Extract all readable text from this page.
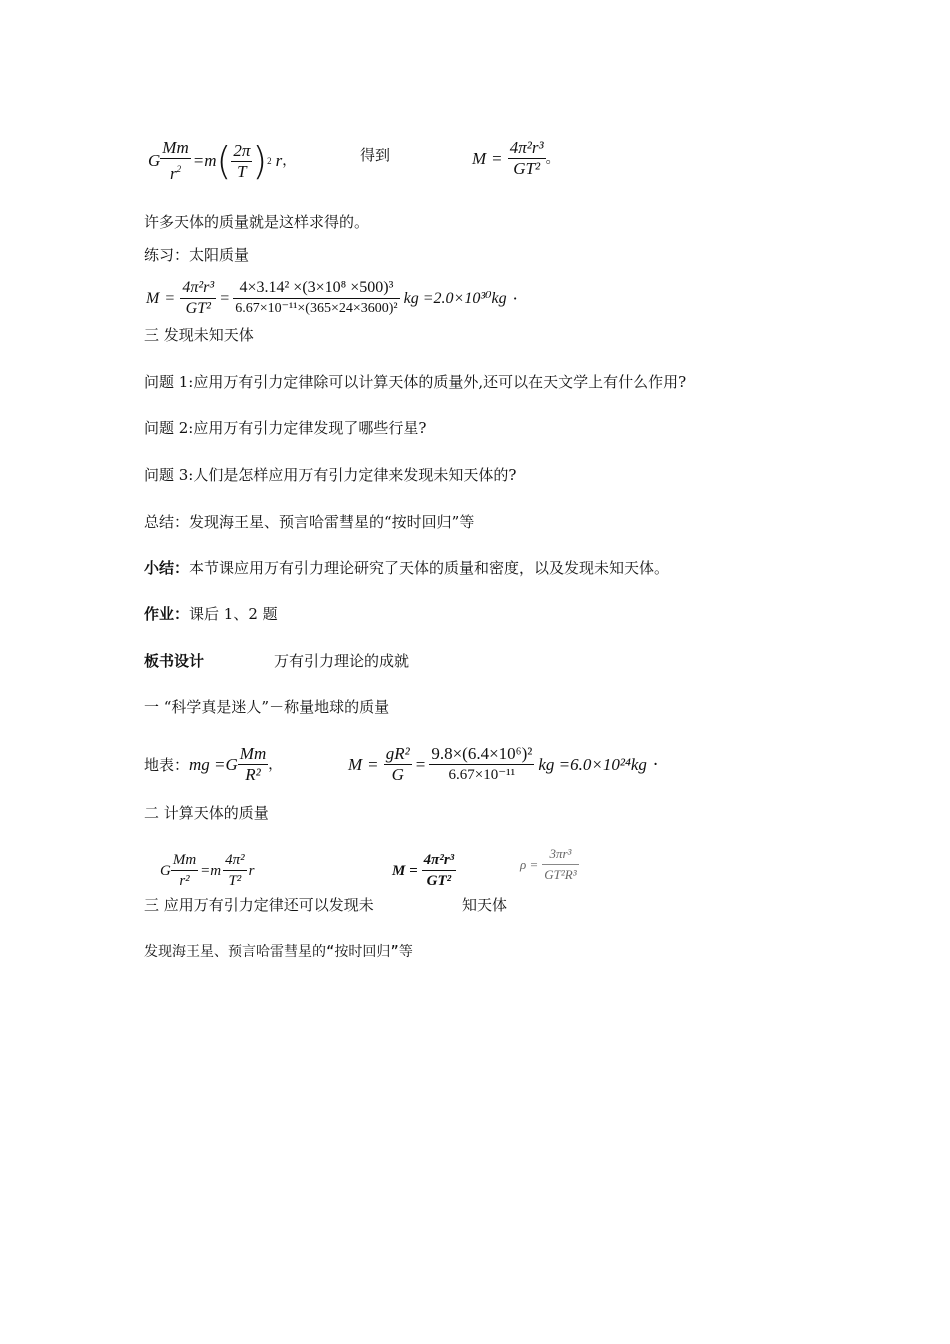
G $\frac{Mm}{r^2} =m$ ( $\frac{2\pi}{T}$ ) 2 r ，	得到	$M = \frac{\text{4π²r³}}{\text{GT²}}$ 。
许多天体的质量就是这样求得的。
练习：太阳质量
$M = \frac{\text{4π²r³}}{\text{GT²}} = \frac{\text{4×3.14² ×(3×10⁸ ×500)³}}{\text{6.67×10⁻¹¹×(365×24×3600)²}}$ kg =2.0×10³⁰kg ·
三 发现未知天体
问题 1:应用万有引力定律除可以计算天体的质量外,还可以在天文学上有什么作用?
问题 2:应用万有引力定律发现了哪些行星?
问题 3:人们是怎样应用万有引力定律来发现未知天体的?
总结：发现海王星、预言哈雷彗星的“按时回归”等
小结：本节课应用万有引力理论研究了天体的质量和密度，以及发现未知天体。
作业：课后 1、2 题
板书设计	万有引力理论的成就
一 “科学真是迷人”－称量地球的质量
地表： mg $=G \frac{Mm}{\text{R²}}$ ，	$M = \frac{\text{gR²}}{G} = \frac{\text{9.8×(6.4×10⁶)²}}{\text{6.67×10⁻¹¹}}$ kg =6.0×10²⁴kg ·
二 计算天体的质量
G $\frac{Mm}{\text{r²}} =m \frac{\text{4π²}}{\text{T²}}$ r	$M = \frac{\text{4π²r³}}{\text{GT²}}$	$\rho = \frac{\text{3πr³}}{\text{GT²R³}}$
三 应用万有引力定律还可以发现未	知天体
发现海王星、预言哈雷彗星的“按时回归”等
